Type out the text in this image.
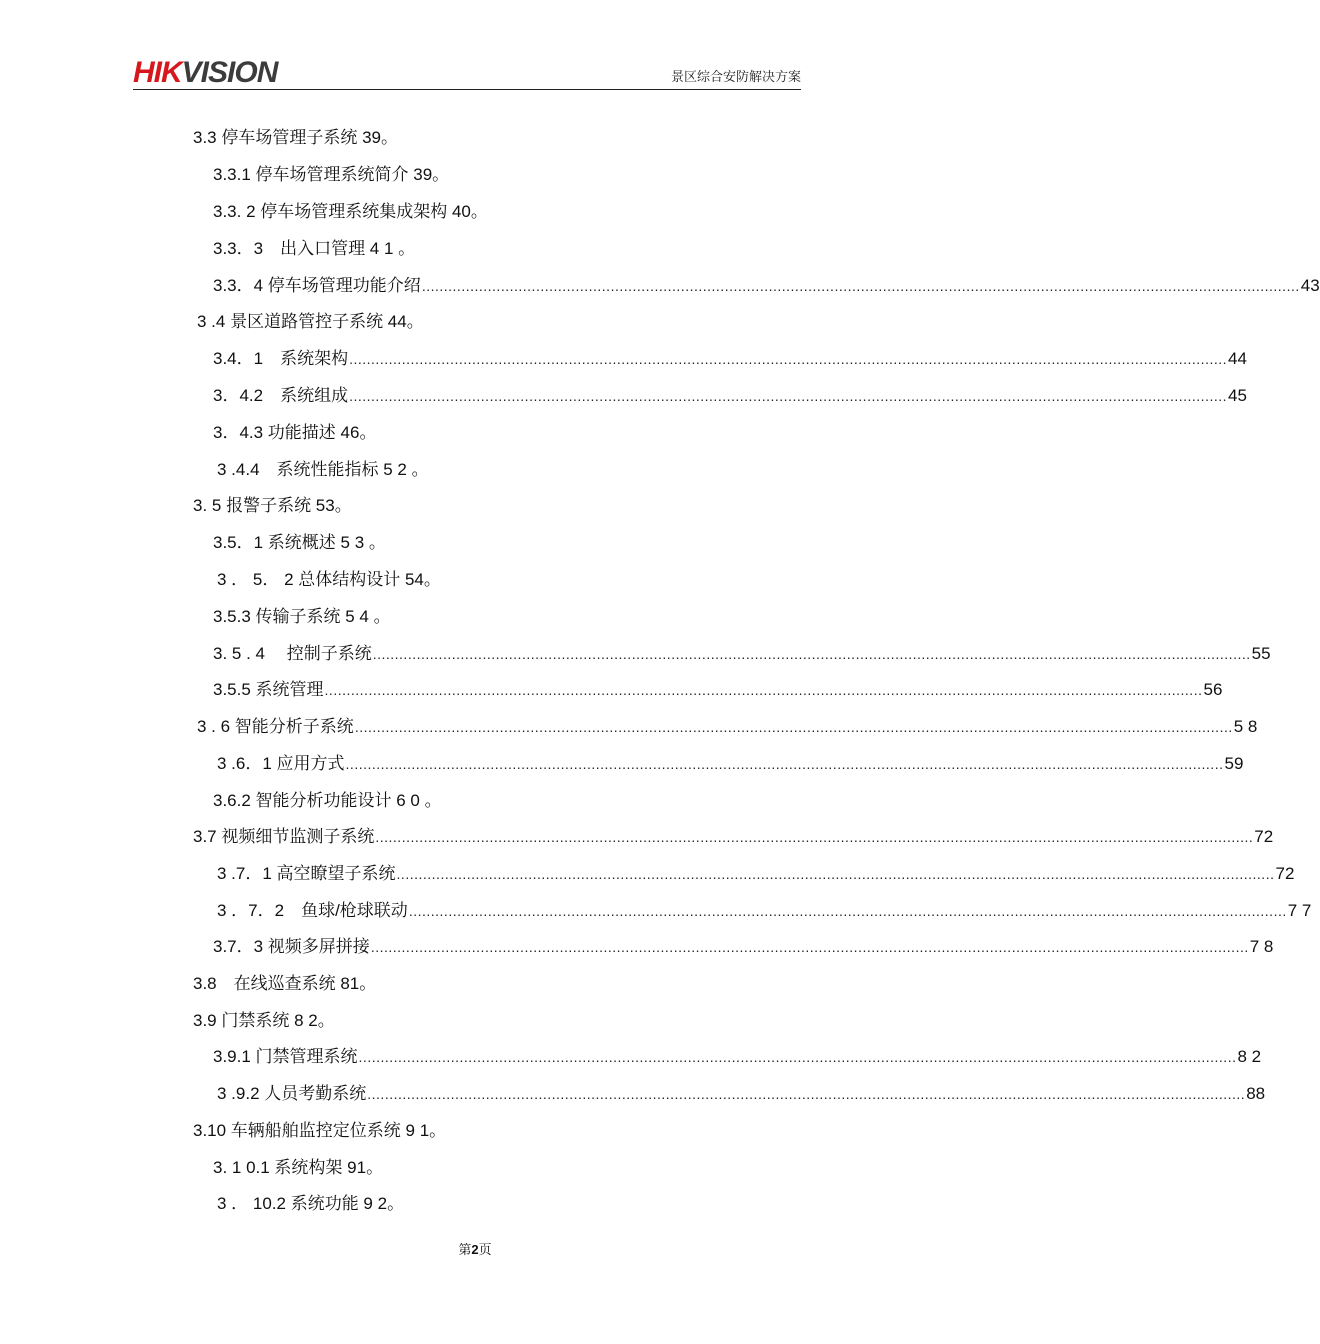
HIKVISION	景区综合安防解决方案
3.3 停车场管理子系统 39。
3.3.1 停车场管理系统简介 39。
3.3. 2 停车场管理系统集成架构 40。
3.3．3　出入口管理 4 1 。
3.3．4 停车场管理功能介绍 ........................................................................................................................................................................................................ 43
3 .4 景区道路管控子系统 44。
3.4．1　系统架构 ........................................................................................................................................................................................................ 44
3．4.2　系统组成 ........................................................................................................................................................................................................ 45
3．4.3 功能描述 46。
3 .4.4　系统性能指标 5 2 。
3. 5 报警子系统 53。
3.5．1 系统概述 5 3 。
3 ． 5． 2 总体结构设计 54。
3.5.3 传输子系统 5 4 。
3. 5 . 4　 控制子系统 ........................................................................................................................................................................................................ 55
3.5.5 系统管理 ........................................................................................................................................................................................................ 56
3 . 6 智能分析子系统 ........................................................................................................................................................................................................ 5 8
3 .6．1 应用方式 ........................................................................................................................................................................................................ 59
3.6.2 智能分析功能设计 6 0 。
3.7 视频细节监测子系统 ........................................................................................................................................................................................................ 72
3 .7．1 高空瞭望子系统 ........................................................................................................................................................................................................ 72
3 ．7．2　鱼球/枪球联动 ........................................................................................................................................................................................................ 7 7
3.7．3 视频多屏拼接 ........................................................................................................................................................................................................ 7 8
3.8　在线巡查系统 81。
3.9 门禁系统 8 2。
3.9.1 门禁管理系统 ........................................................................................................................................................................................................ 8 2
3 .9.2 人员考勤系统 ........................................................................................................................................................................................................ 88
3.10 车辆船舶监控定位系统 9 1。
3. 1 0.1 系统构架 91。
3 ． 10.2 系统功能 9 2。
第2页
